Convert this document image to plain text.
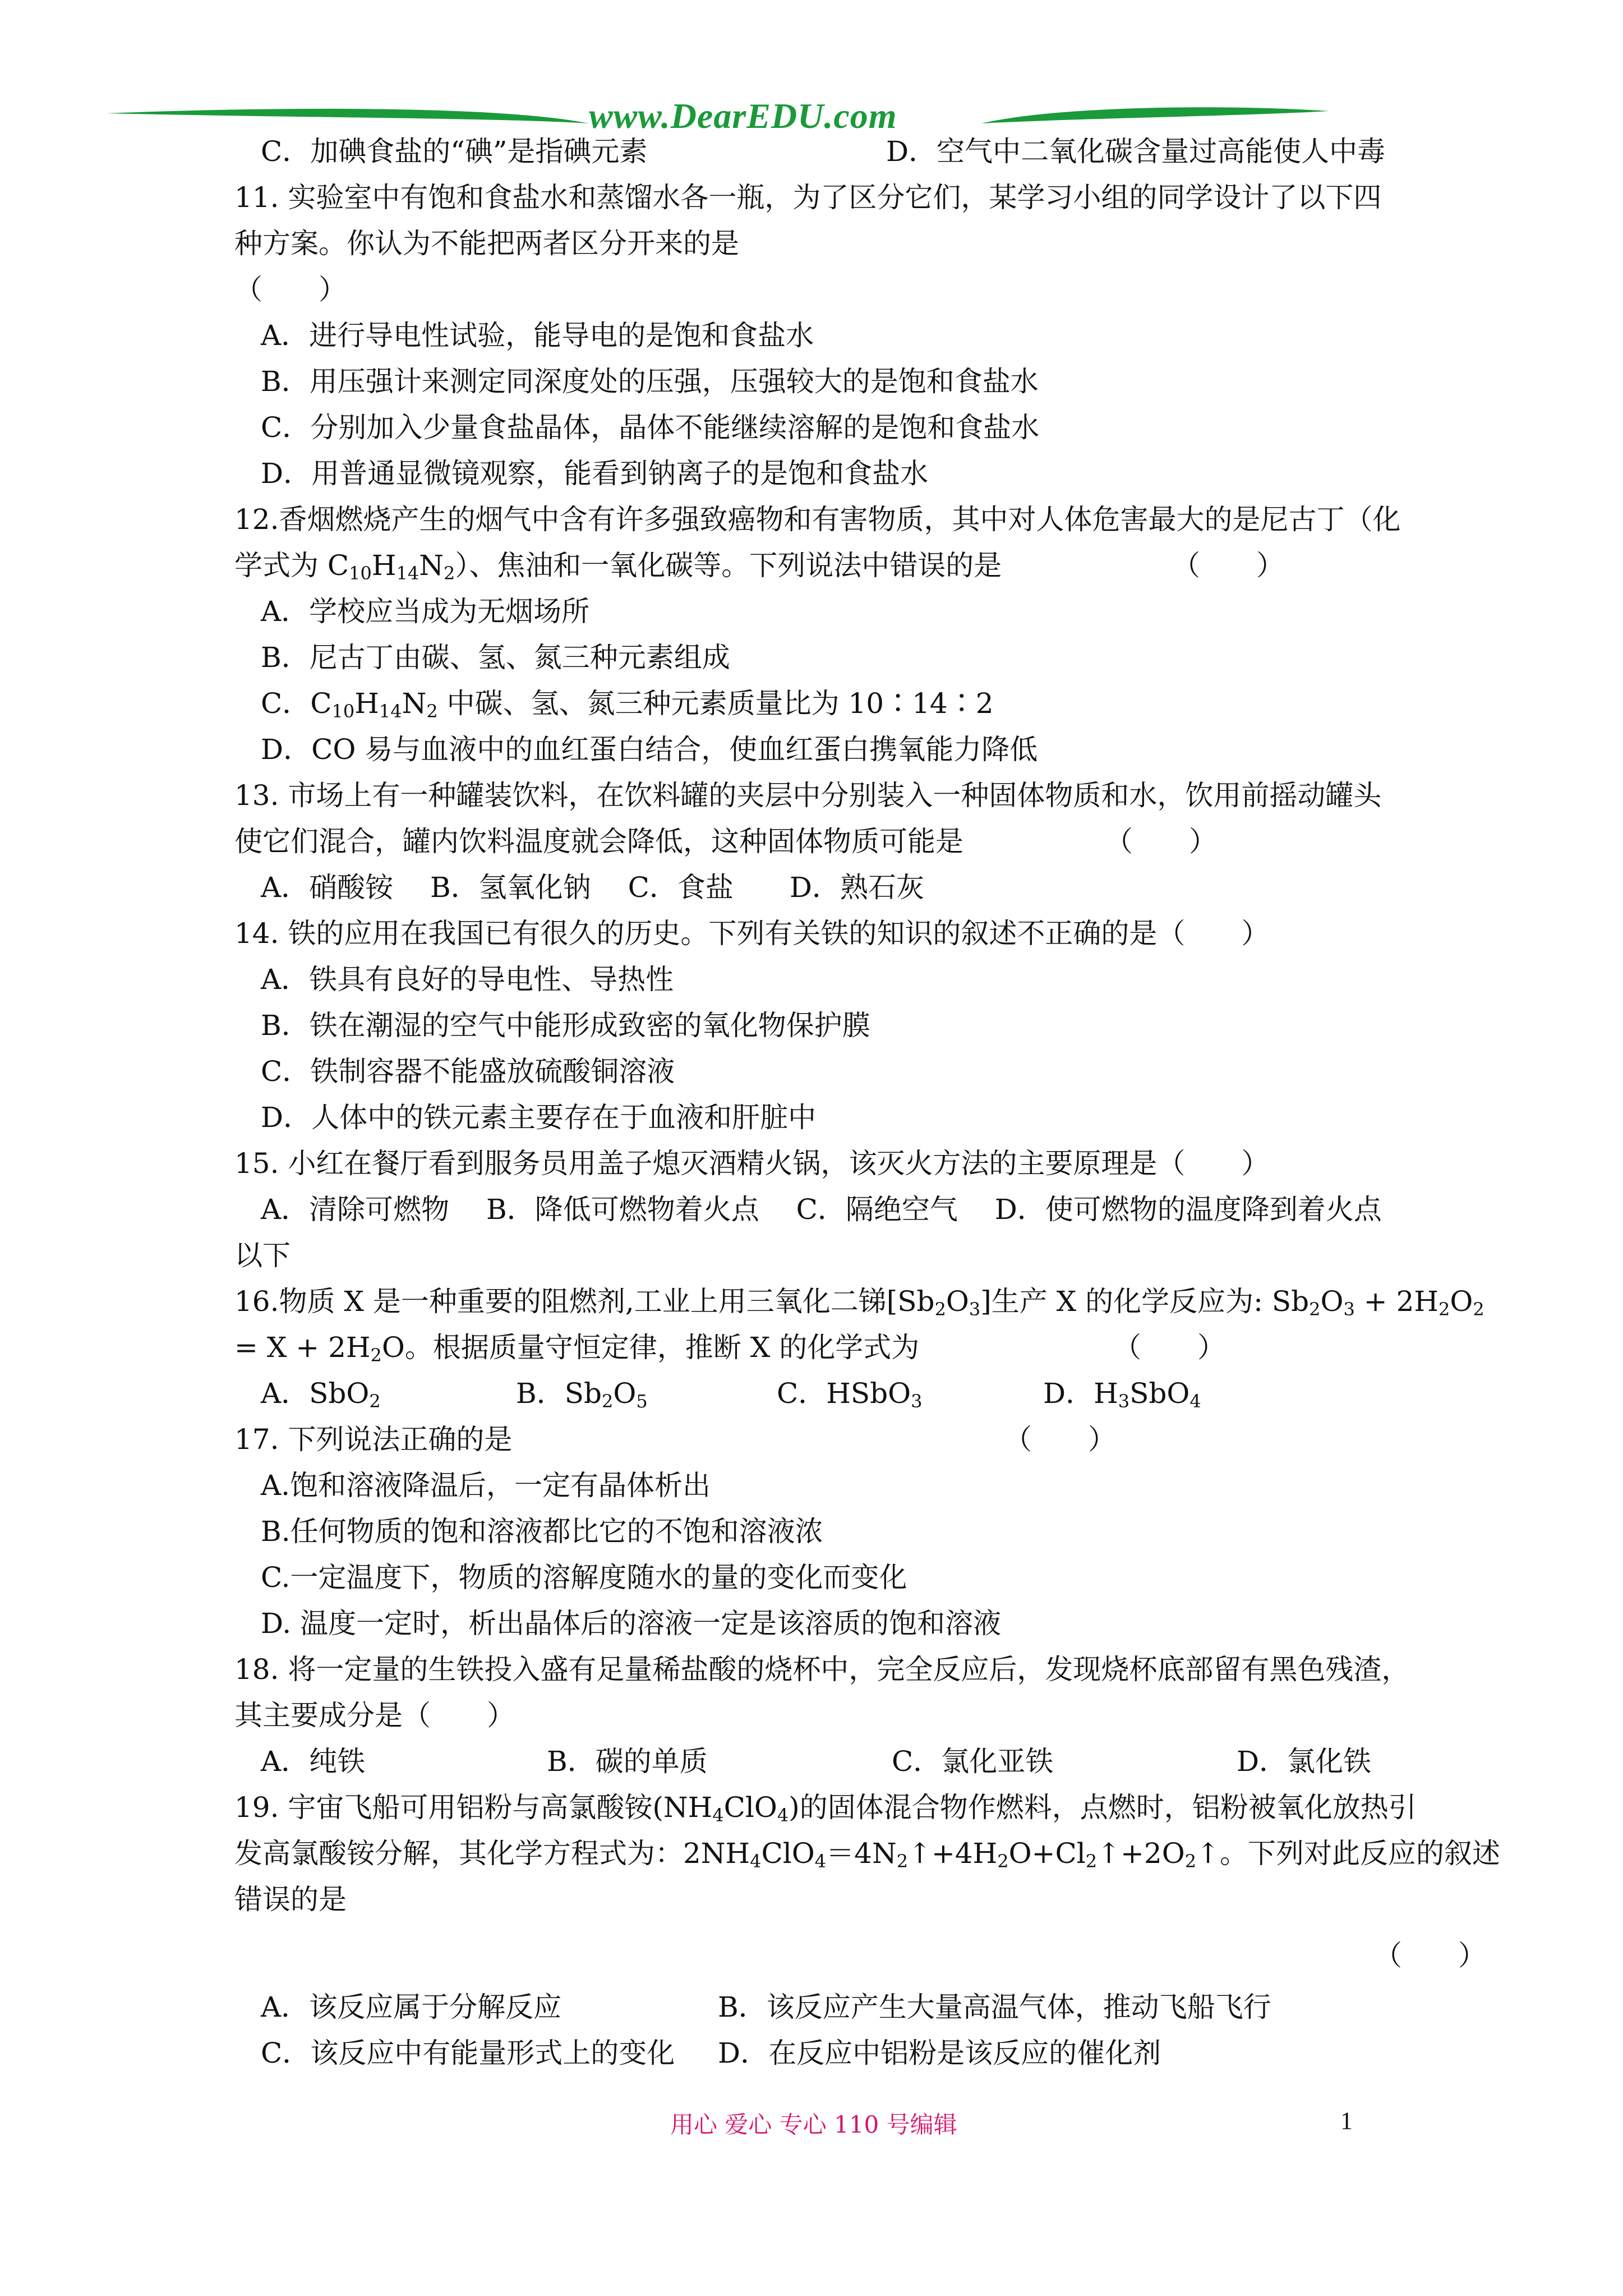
www.DearEDU.com
C．加碘食盐的“碘”是指碘元素	D．空气中二氧化碳含量过高能使人中毒
11. 实验室中有饱和食盐水和蒸馏水各一瓶，为了区分它们，某学习小组的同学设计了以下四
种方案。你认为不能把两者区分开来的是
（　　）
A．进行导电性试验，能导电的是饱和食盐水
B．用压强计来测定同深度处的压强，压强较大的是饱和食盐水
C．分别加入少量食盐晶体，晶体不能继续溶解的是饱和食盐水
D．用普通显微镜观察，能看到钠离子的是饱和食盐水
12.香烟燃烧产生的烟气中含有许多强致癌物和有害物质，其中对人体危害最大的是尼古丁（化
学式为 $C_{10}H_{14}N_2$）、焦油和一氧化碳等。下列说法中错误的是	（　　）
A．学校应当成为无烟场所
B．尼古丁由碳、氢、氮三种元素组成
C．$C_{10}H_{14}N_2$ 中碳、氢、氮三种元素质量比为 10∶14∶2
D．CO 易与血液中的血红蛋白结合，使血红蛋白携氧能力降低
13. 市场上有一种罐装饮料，在饮料罐的夹层中分别装入一种固体物质和水，饮用前摇动罐头
使它们混合，罐内饮料温度就会降低，这种固体物质可能是	（　　）
A．硝酸铵　 B．氢氧化钠　 C．食盐　　D．熟石灰
14. 铁的应用在我国已有很久的历史。下列有关铁的知识的叙述不正确的是（　　）
A．铁具有良好的导电性、导热性
B．铁在潮湿的空气中能形成致密的氧化物保护膜
C．铁制容器不能盛放硫酸铜溶液
D．人体中的铁元素主要存在于血液和肝脏中
15. 小红在餐厅看到服务员用盖子熄灭酒精火锅，该灭火方法的主要原理是（　　）
A．清除可燃物　 B．降低可燃物着火点　 C．隔绝空气　 D．使可燃物的温度降到着火点
以下
16.物质 X 是一种重要的阻燃剂,工业上用三氧化二锑$[Sb_2O_3]$生产 X 的化学反应为: $Sb_2O_3 + 2H_2O_2$
= $X + 2H_2O$。根据质量守恒定律，推断 X 的化学式为	（　　）
A．SbO$_2$	B．$Sb_2O_5$	C．HSbO$_3$	D．$H_3SbO_4$
17. 下列说法正确的是	（　　）
A.饱和溶液降温后，一定有晶体析出
B.任何物质的饱和溶液都比它的不饱和溶液浓
C.一定温度下，物质的溶解度随水的量的变化而变化
D. 温度一定时，析出晶体后的溶液一定是该溶质的饱和溶液
18. 将一定量的生铁投入盛有足量稀盐酸的烧杯中，完全反应后，发现烧杯底部留有黑色残渣，
其主要成分是（　　）
A．纯铁	B．碳的单质	C．氯化亚铁	D．氯化铁
19. 宇宙飞船可用铝粉与高氯酸铵$(NH_4ClO_4)$的固体混合物作燃料，点燃时，铝粉被氧化放热引
发高氯酸铵分解，其化学方程式为：$2NH_4ClO_4=4N_2↑+4H_2O+Cl_2↑+2O_2↑$。下列对此反应的叙述
错误的是
（　　）
A．该反应属于分解反应	B．该反应产生大量高温气体，推动飞船飞行
C．该反应中有能量形式上的变化	D．在反应中铝粉是该反应的催化剂
用心 爱心 专心 110 号编辑	1
